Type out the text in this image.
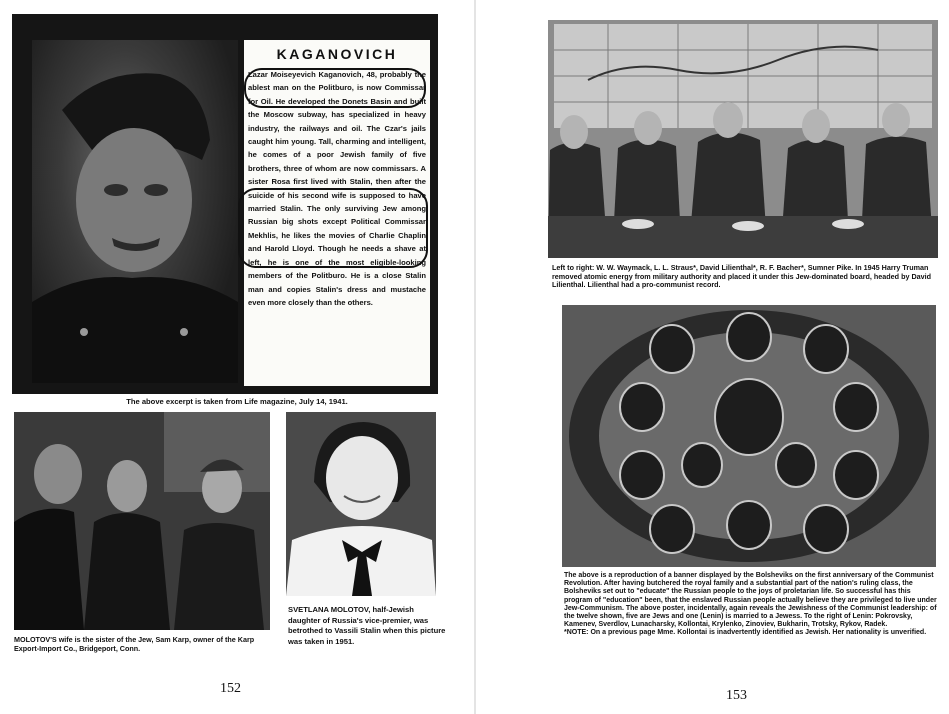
KAGANOVICH
Lazar Moiseyevich Kaganovich, 48, probably the ablest man on the Politburo, is now Commissar for Oil. He developed the Donets Basin and built the Moscow subway, has specialized in heavy industry, the railways and oil. The Czar's jails caught him young. Tall, charming and intelligent, he comes of a poor Jewish family of five brothers, three of whom are now commissars. A sister Rosa first lived with Stalin, then after the suicide of his second wife is supposed to have married Stalin. The only surviving Jew among Russian big shots except Political Commissar Mekhlis, he likes the movies of Charlie Chaplin and Harold Lloyd. Though he needs a shave at left, he is one of the most eligible-looking members of the Politburo. He is a close Stalin man and copies Stalin's dress and mustache even more closely than the others.
The above excerpt is taken from Life magazine, July 14, 1941.
MOLOTOV'S wife is the sister of the Jew, Sam Karp, owner of the Karp Export-Import Co., Bridgeport, Conn.
SVETLANA MOLOTOV, half-Jewish daughter of Russia's vice-premier, was betrothed to Vassili Stalin when this picture was taken in 1951.
152
Left to right: W. W. Waymack, L. L. Straus*, David Lilienthal*, R. F. Bacher*, Sumner Pike. In 1945 Harry Truman removed atomic energy from military authority and placed it under this Jew-dominated board, headed by David Lilienthal. Lilienthal had a pro-communist record.
The above is a reproduction of a banner displayed by the Bolsheviks on the first anniversary of the Communist Revolution. After having butchered the royal family and a substantial part of the nation's ruling class, the Bolsheviks set out to "educate" the Russian people to the joys of proletarian life. So successful has this program of "education" been, that the enslaved Russian people actually believe they are privileged to live under Jew-Communism. The above poster, incidentally, again reveals the Jewishness of the Communist leadership: of the twelve shown, five are Jews and one (Lenin) is married to a Jewess. To the right of Lenin: Pokrovsky, Kamenev, Sverdlov, Lunacharsky, Kollontai, Krylenko, Zinoviev, Bukharin, Trotsky, Rykov, Radek.
*NOTE: On a previous page Mme. Kollontai is inadvertently identified as Jewish. Her nationality is unverified.
153
